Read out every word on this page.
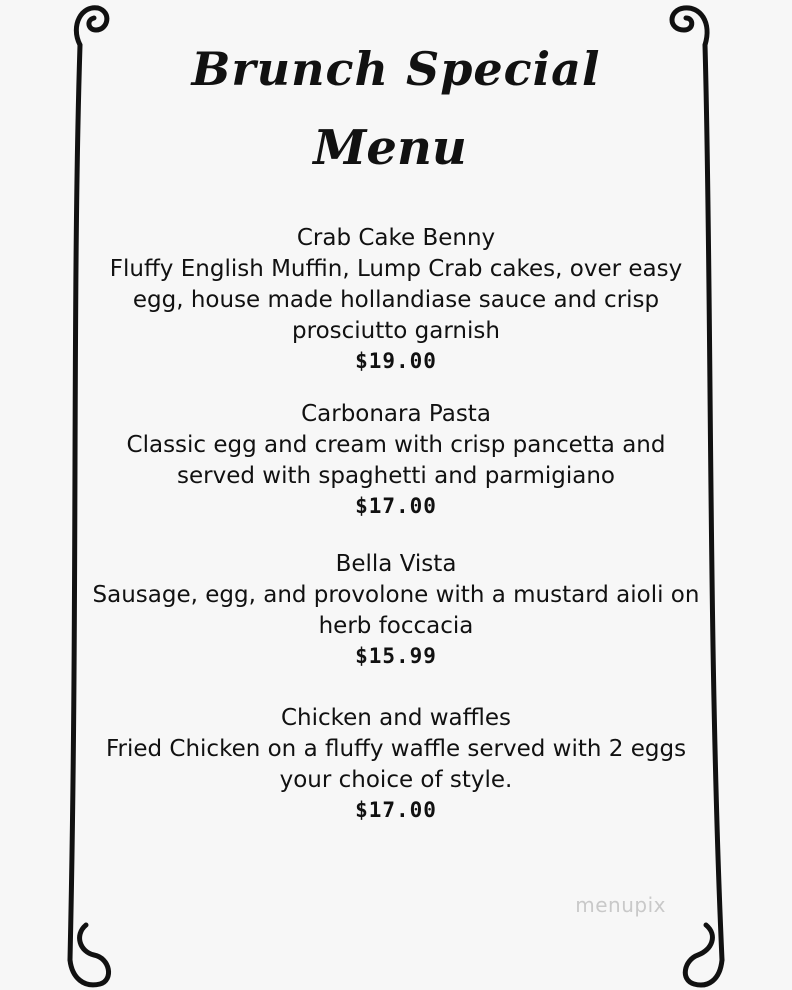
Brunch Special
Menu
Crab Cake Benny
Fluffy English Muffin, Lump Crab cakes, over easy egg, house made hollandiase sauce and crisp prosciutto garnish
$19.00
Carbonara Pasta
Classic egg and cream with crisp pancetta and served with spaghetti and parmigiano
$17.00
Bella Vista
Sausage, egg, and provolone with a mustard aioli on herb foccacia
$15.99
Chicken and waffles
Fried Chicken on a fluffy waffle served with 2 eggs your choice of style.
$17.00
menupix
